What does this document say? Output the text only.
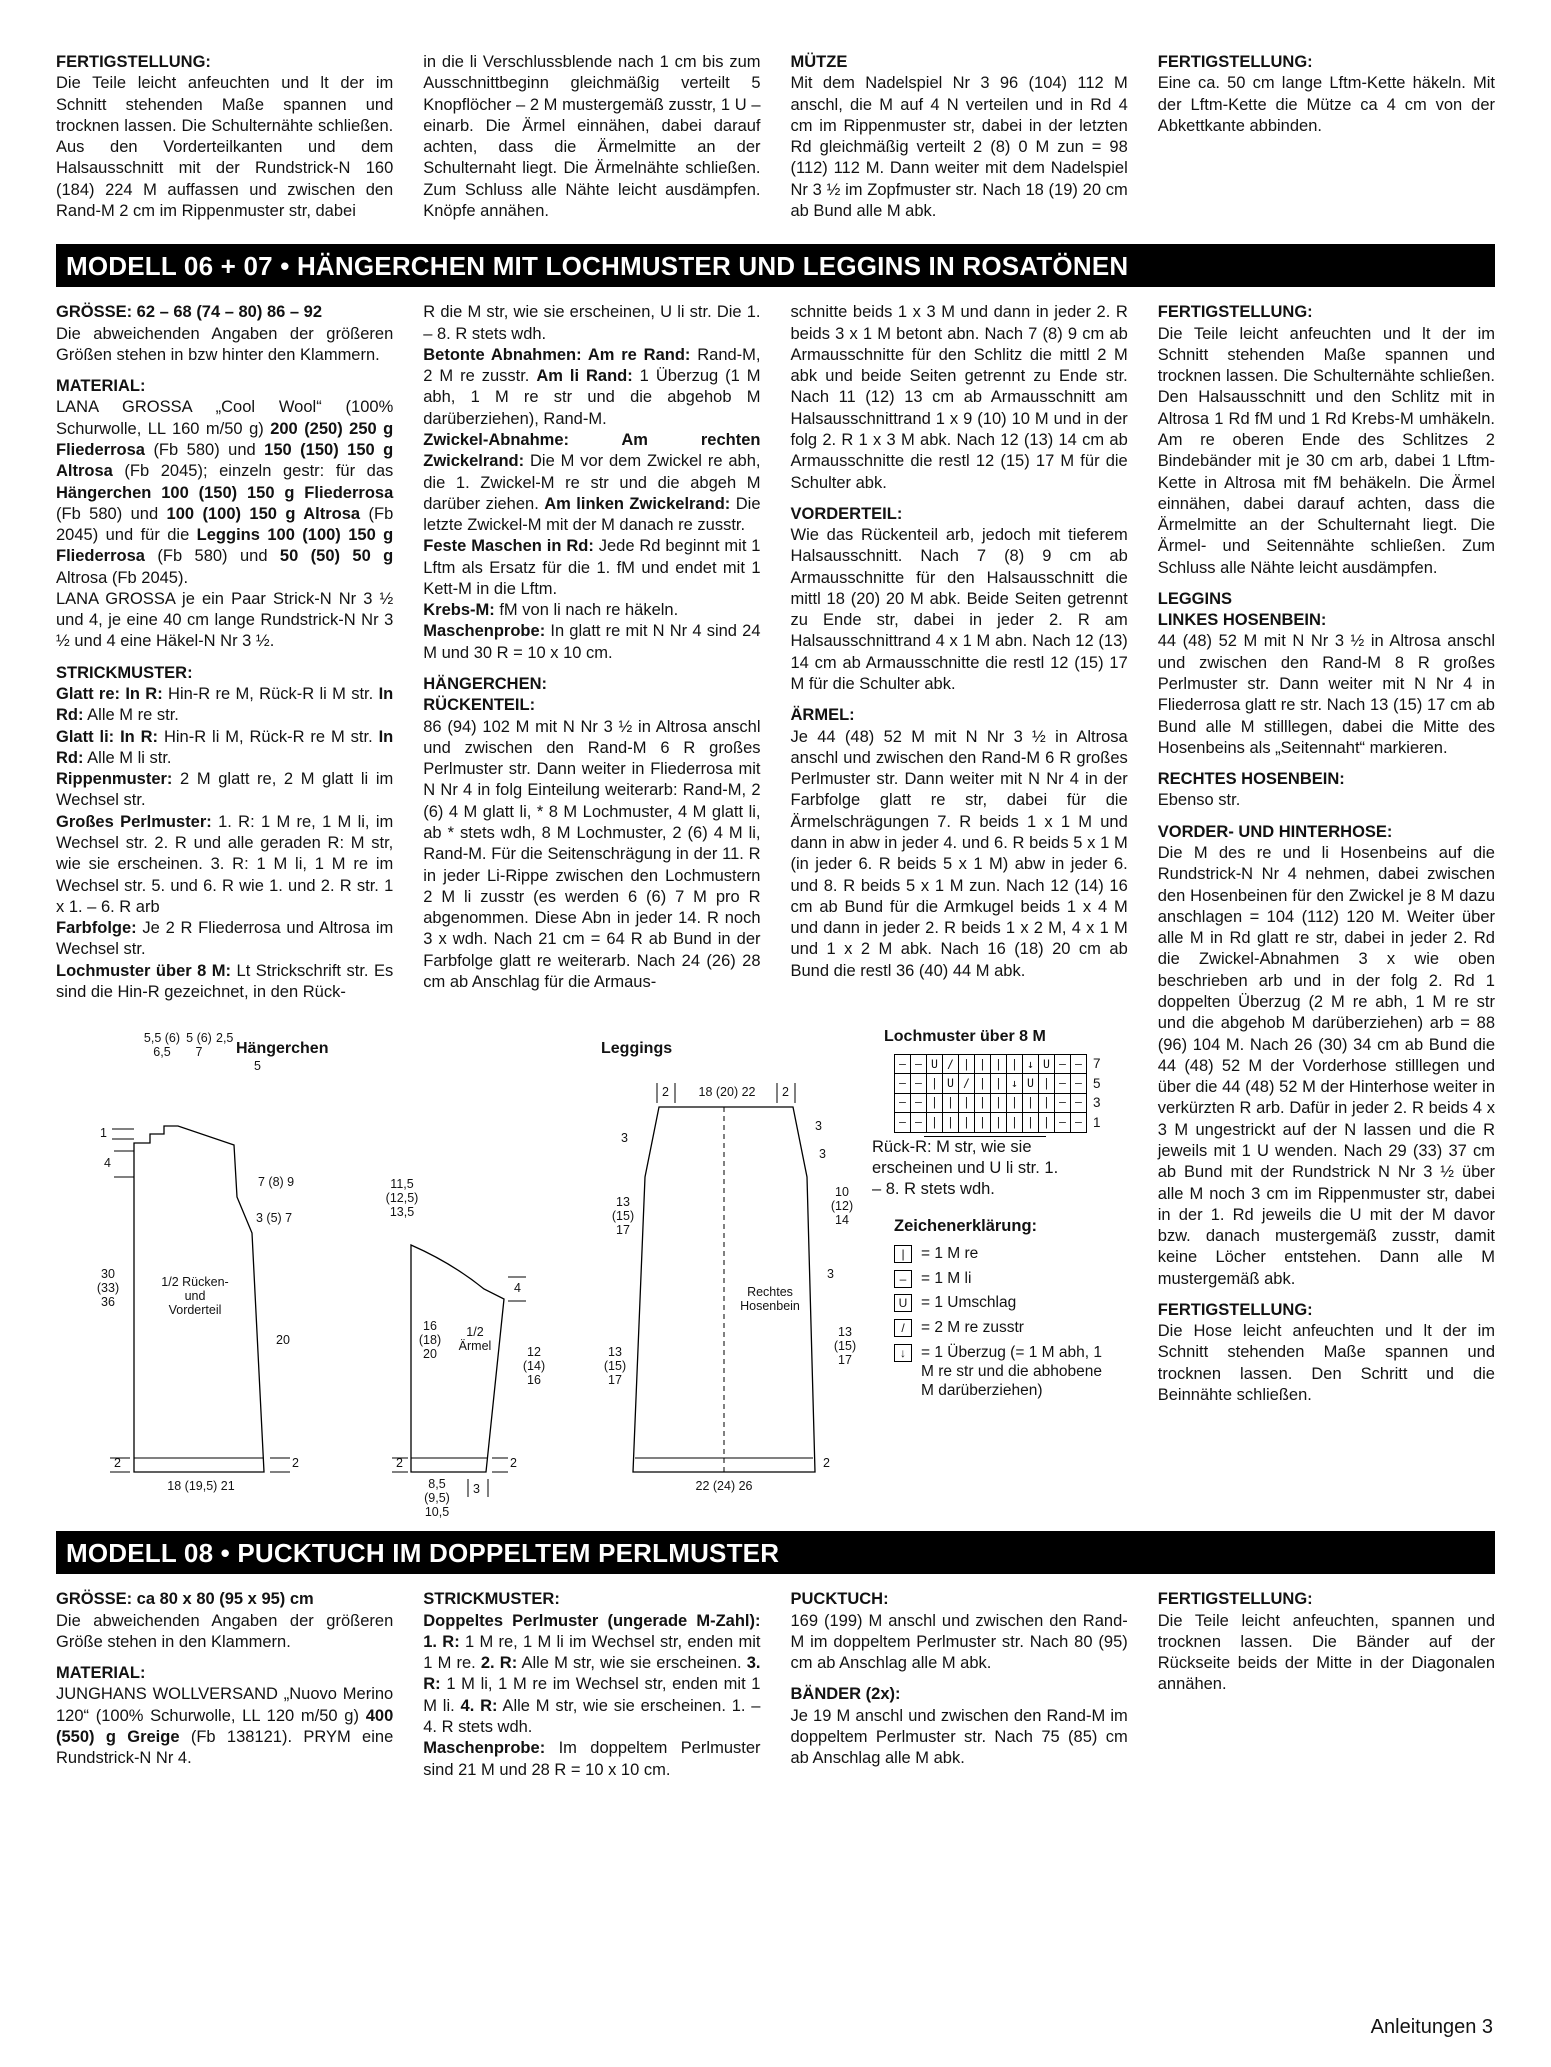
FERTIGSTELLUNG:

Die Teile leicht anfeuchten und lt der im Schnitt stehenden Maße spannen und trocknen lassen. Die Schulternähte schließen. Aus den Vorderteilkanten und dem Halsausschnitt mit der Rundstrick-N 160 (184) 224 M auffassen und zwischen den Rand-M 2 cm im Rippenmuster str, dabei

in die li Verschlussblende nach 1 cm bis zum Ausschnittbeginn gleichmäßig verteilt 5 Knopflöcher – 2 M mustergemäß zusstr, 1 U – einarb. Die Ärmel einnähen, dabei darauf achten, dass die Ärmelmitte an der Schulternaht liegt. Die Ärmelnähte schließen. Zum Schluss alle Nähte leicht ausdämpfen. Knöpfe annähen.

MÜTZE

Mit dem Nadelspiel Nr 3 96 (104) 112 M anschl, die M auf 4 N verteilen und in Rd 4 cm im Rippenmuster str, dabei in der letzten Rd gleichmäßig verteilt 2 (8) 0 M zun = 98 (112) 112 M. Dann weiter mit dem Nadelspiel Nr 3 ½ im Zopfmuster str. Nach 18 (19) 20 cm ab Bund alle M abk.

FERTIGSTELLUNG:

Eine ca. 50 cm lange Lftm-Kette häkeln. Mit der Lftm-Kette die Mütze ca 4 cm von der Abkettkante abbinden.

MODELL 06 + 07 • HÄNGERCHEN MIT LOCHMUSTER UND LEGGINS IN ROSATÖNEN
GRÖSSE: 62 – 68 (74 – 80) 86 – 92

Die abweichenden Angaben der größeren Größen stehen in bzw hinter den Klammern.

MATERIAL:

LANA GROSSA „Cool Wool“ (100% Schurwolle, LL 160 m/50 g) 200 (250) 250 g Fliederrosa (Fb 580) und 150 (150) 150 g Altrosa (Fb 2045); einzeln gestr: für das Hängerchen 100 (150) 150 g Fliederrosa (Fb 580) und 100 (100) 150 g Altrosa (Fb 2045) und für die Leggins 100 (100) 150 g Fliederrosa (Fb 580) und 50 (50) 50 g Altrosa (Fb 2045).

LANA GROSSA je ein Paar Strick-N Nr 3 ½ und 4, je eine 40 cm lange Rundstrick-N Nr 3 ½ und 4 eine Häkel-N Nr 3 ½.

STRICKMUSTER:

Glatt re: In R: Hin-R re M, Rück-R li M str. In Rd: Alle M re str.

Glatt li: In R: Hin-R li M, Rück-R re M str. In Rd: Alle M li str.

Rippenmuster: 2 M glatt re, 2 M glatt li im Wechsel str.

Großes Perlmuster: 1. R: 1 M re, 1 M li, im Wechsel str. 2. R und alle geraden R: M str, wie sie erscheinen. 3. R: 1 M li, 1 M re im Wechsel str. 5. und 6. R wie 1. und 2. R str. 1 x 1. – 6. R arb

Farbfolge: Je 2 R Fliederrosa und Altrosa im Wechsel str.

Lochmuster über 8 M: Lt Strickschrift str. Es sind die Hin-R gezeichnet, in den Rück-

R die M str, wie sie erscheinen, U li str. Die 1. – 8. R stets wdh.

Betonte Abnahmen: Am re Rand: Rand-M, 2 M re zusstr. Am li Rand: 1 Überzug (1 M abh, 1 M re str und die abgehob M darüberziehen), Rand-M.

Zwickel-Abnahme: Am rechten Zwickelrand: Die M vor dem Zwickel re abh, die 1. Zwickel-M re str und die abgeh M darüber ziehen. Am linken Zwickelrand: Die letzte Zwickel-M mit der M danach re zusstr.

Feste Maschen in Rd: Jede Rd beginnt mit 1 Lftm als Ersatz für die 1. fM und endet mit 1 Kett-M in die Lftm.

Krebs-M: fM von li nach re häkeln.

Maschenprobe: In glatt re mit N Nr 4 sind 24 M und 30 R = 10 x 10 cm.

HÄNGERCHEN:
RÜCKENTEIL:

86 (94) 102 M mit N Nr 3 ½ in Altrosa anschl und zwischen den Rand-M 6 R großes Perlmuster str. Dann weiter in Fliederrosa mit N Nr 4 in folg Einteilung weiterarb: Rand-M, 2 (6) 4 M glatt li, * 8 M Lochmuster, 4 M glatt li, ab * stets wdh, 8 M Lochmuster, 2 (6) 4 M li, Rand-M. Für die Seitenschrägung in der 11. R in jeder Li-Rippe zwischen den Lochmustern 2 M li zusstr (es werden 6 (6) 7 M pro R abgenommen. Diese Abn in jeder 14. R noch 3 x wdh. Nach 21 cm = 64 R ab Bund in der Farbfolge glatt re weiterarb. Nach 24 (26) 28 cm ab Anschlag für die Armaus-

schnitte beids 1 x 3 M und dann in jeder 2. R beids 3 x 1 M betont abn. Nach 7 (8) 9 cm ab Armausschnitte für den Schlitz die mittl 2 M abk und beide Seiten getrennt zu Ende str. Nach 11 (12) 13 cm ab Armausschnitt am Halsausschnittrand 1 x 9 (10) 10 M und in der folg 2. R 1 x 3 M abk. Nach 12 (13) 14 cm ab Armausschnitte die restl 12 (15) 17 M für die Schulter abk.

VORDERTEIL:

Wie das Rückenteil arb, jedoch mit tieferem Halsausschnitt. Nach 7 (8) 9 cm ab Armausschnitte für den Halsausschnitt die mittl 18 (20) 20 M abk. Beide Seiten getrennt zu Ende str, dabei in jeder 2. R am Halsausschnittrand 4 x 1 M abn. Nach 12 (13) 14 cm ab Armausschnitte die restl 12 (15) 17 M für die Schulter abk.

ÄRMEL:

Je 44 (48) 52 M mit N Nr 3 ½ in Altrosa anschl und zwischen den Rand-M 6 R großes Perlmuster str. Dann weiter mit N Nr 4 in der Farbfolge glatt re str, dabei für die Ärmelschrägungen 7. R beids 1 x 1 M und dann in abw in jeder 4. und 6. R beids 5 x 1 M (in jeder 6. R beids 5 x 1 M) abw in jeder 6. und 8. R beids 5 x 1 M zun. Nach 12 (14) 16 cm ab Bund für die Armkugel beids 1 x 4 M und dann in jeder 2. R beids 1 x 2 M, 4 x 1 M und 1 x 2 M abk. Nach 16 (18) 20 cm ab Bund die restl 36 (40) 44 M abk.

FERTIGSTELLUNG:

Die Teile leicht anfeuchten und lt der im Schnitt stehenden Maße spannen und trocknen lassen. Die Schulternähte schließen. Den Halsausschnitt und den Schlitz mit in Altrosa 1 Rd fM und 1 Rd Krebs-M umhäkeln. Am re oberen Ende des Schlitzes 2 Bindebänder mit je 30 cm arb, dabei 1 Lftm-Kette in Altrosa mit fM behäkeln. Die Ärmel einnähen, dabei darauf achten, dass die Ärmelmitte an der Schulternaht liegt. Die Ärmel- und Seitennähte schließen. Zum Schluss alle Nähte leicht ausdämpfen.

LEGGINS
LINKES HOSENBEIN:

44 (48) 52 M mit N Nr 3 ½ in Altrosa anschl und zwischen den Rand-M 8 R großes Perlmuster str. Dann weiter mit N Nr 4 in Fliederrosa glatt re str. Nach 13 (15) 17 cm ab Bund alle M stilllegen, dabei die Mitte des Hosenbeins als „Seitennaht“ markieren.

RECHTES HOSENBEIN:

Ebenso str.

VORDER- UND HINTERHOSE:

Die M des re und li Hosenbeins auf die Rundstrick-N Nr 4 nehmen, dabei zwischen den Hosenbeinen für den Zwickel je 8 M dazu anschlagen = 104 (112) 120 M. Weiter über alle M in Rd glatt re str, dabei in jeder 2. Rd die Zwickel-Abnahmen 3 x wie oben beschrieben arb und in der folg 2. Rd 1 doppelten Überzug (2 M re abh, 1 M re str und die abgehob M darüberziehen) arb = 88 (96) 104 M. Nach 26 (30) 34 cm ab Bund die 44 (48) 52 M der Vorderhose stilllegen und über die 44 (48) 52 M der Hinterhose weiter in verkürzten R arb. Dafür in jeder 2. R beids 4 x 3 M ungestrickt auf der N lassen und die R jeweils mit 1 U wenden. Nach 29 (33) 37 cm ab Bund mit der Rundstrick N Nr 3 ½ über alle M noch 3 cm im Rippenmuster str, dabei in der 1. Rd jeweils die U mit der M davor bzw. danach mustergemäß zusstr, damit keine Löcher entstehen. Dann alle M mustergemäß abk.

FERTIGSTELLUNG:

Die Hose leicht anfeuchten und lt der im Schnitt stehenden Maße spannen und trocknen lassen. Den Schritt und die Beinnähte schließen.

Hängerchen
5,5 (6) 6,5
5 (6) 7
2,5
5
1
4
7 (8) 9
3 (5) 7
30 (33) 36
1/2 Rücken- und Vorderteil
20
2	2
18 (19,5) 21
11,5 (12,5) 13,5
16 (18) 20
1/2 Ärmel
4
12 (14) 16
2	2
8,5 (9,5) 10,5
3
Leggings
2	18 (20) 22	2
3
13 (15) 17
13 (15) 17
3
3
10 (12) 14
3
13 (15) 17
2
Rechtes Hosenbein
22 (24) 26
Lochmuster über 8 M
–	–	U	/	|	|	|	|	↓	U	–	–	7
–	–	|	U	/	|	|	↓	U	|	–	–	5
–	–	|	|	|	|	|	|	|	|	–	–	3
–	–	|	|	|	|	|	|	|	|	–	–	1

Rück-R: M str, wie sie erscheinen und U li str. 1. – 8. R stets wdh.

Zeichenerklärung:
|	= 1 M re
– = 1 M li
U = 1 Umschlag
/	= 2 M re zusstr
↓ = 1 Überzug (= 1 M abh, 1 M re str und die abhobene M darüberziehen)
MODELL 08 • PUCKTUCH IM DOPPELTEM PERLMUSTER
GRÖSSE: ca 80 x 80 (95 x 95) cm

Die abweichenden Angaben der größeren Größe stehen in den Klammern.

MATERIAL:

JUNGHANS WOLLVERSAND „Nuovo Merino 120“ (100% Schurwolle, LL 120 m/50 g) 400 (550) g Greige (Fb 138121). PRYM eine Rundstrick-N Nr 4.

STRICKMUSTER:

Doppeltes Perlmuster (ungerade M-Zahl): 1. R: 1 M re, 1 M li im Wechsel str, enden mit 1 M re. 2. R: Alle M str, wie sie erscheinen. 3. R: 1 M li, 1 M re im Wechsel str, enden mit 1 M li. 4. R: Alle M str, wie sie erscheinen. 1. – 4. R stets wdh.

Maschenprobe: Im doppeltem Perlmuster sind 21 M und 28 R = 10 x 10 cm.

PUCKTUCH:

169 (199) M anschl und zwischen den Rand-M im doppeltem Perlmuster str. Nach 80 (95) cm ab Anschlag alle M abk.

BÄNDER (2x):

Je 19 M anschl und zwischen den Rand-M im doppeltem Perlmuster str. Nach 75 (85) cm ab Anschlag alle M abk.

FERTIGSTELLUNG:

Die Teile leicht anfeuchten, spannen und trocknen lassen. Die Bänder auf der Rückseite beids der Mitte in der Diagonalen annähen.

Anleitungen 3
